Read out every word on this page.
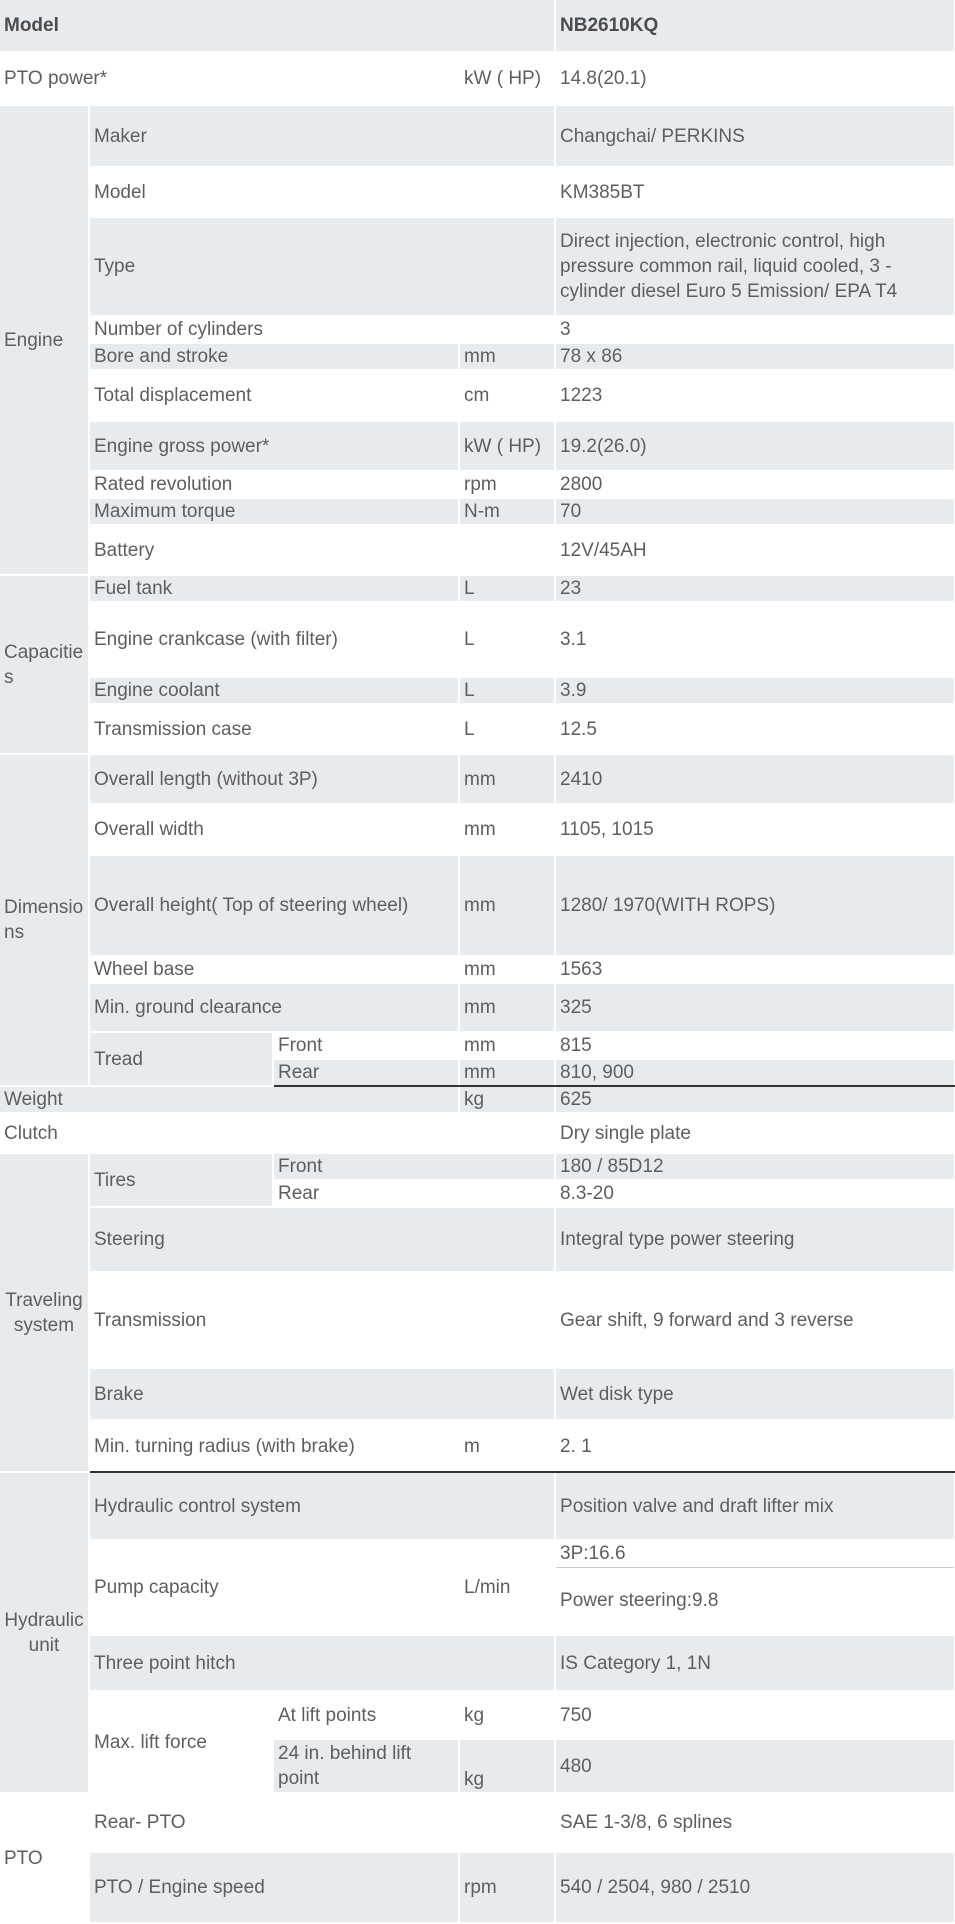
Model				NB2610KQ
PTO power*			kW ( HP)	14.8(20.1)
Engine	Maker			Changchai/ PERKINS
	Model			KM385BT
	Type			Direct injection, electronic control, high pressure common rail, liquid cooled, 3 -cylinder diesel Euro 5 Emission/ EPA T4
	Number of cylinders			3
	Bore and stroke		mm	78 x 86
	Total displacement		cm	1223
	Engine gross power*		kW ( HP)	19.2(26.0)
	Rated revolution		rpm	2800
	Maximum torque		N-m	70
	Battery			12V/45AH
Capacitie s	Fuel tank		L	23
	Engine crankcase (with filter)		L	3.1
	Engine coolant		L	3.9
	Transmission case		L	12.5
Dimensio ns	Overall length (without 3P)		mm	2410
	Overall width		mm	1105, 1015
	Overall height( Top of steering wheel)		mm	1280/ 1970(WITH ROPS)
	Wheel base		mm	1563
	Min. ground clearance		mm	325
	Tread	Front	mm	815
		Rear	mm	810, 900
Weight			kg	625
Clutch				Dry single plate
Traveling system	Tires	Front		180 / 85D12
		Rear		8.3-20
	Steering			Integral type power steering
	Transmission			Gear shift, 9 forward and 3 reverse
	Brake			Wet disk type
	Min. turning radius (with brake)		m	2. 1
Hydraulic unit	Hydraulic control system			Position valve and draft lifter mix
	Pump capacity		L/min	3P:16.6
				Power steering:9.8
	Three point hitch			IS Category 1, 1N
	Max. lift force	At lift points	kg	750
		24 in. behind lift point	kg	480
PTO	Rear- PTO			SAE 1-3/8, 6 splines
	PTO / Engine speed		rpm	540 / 2504, 980 / 2510
